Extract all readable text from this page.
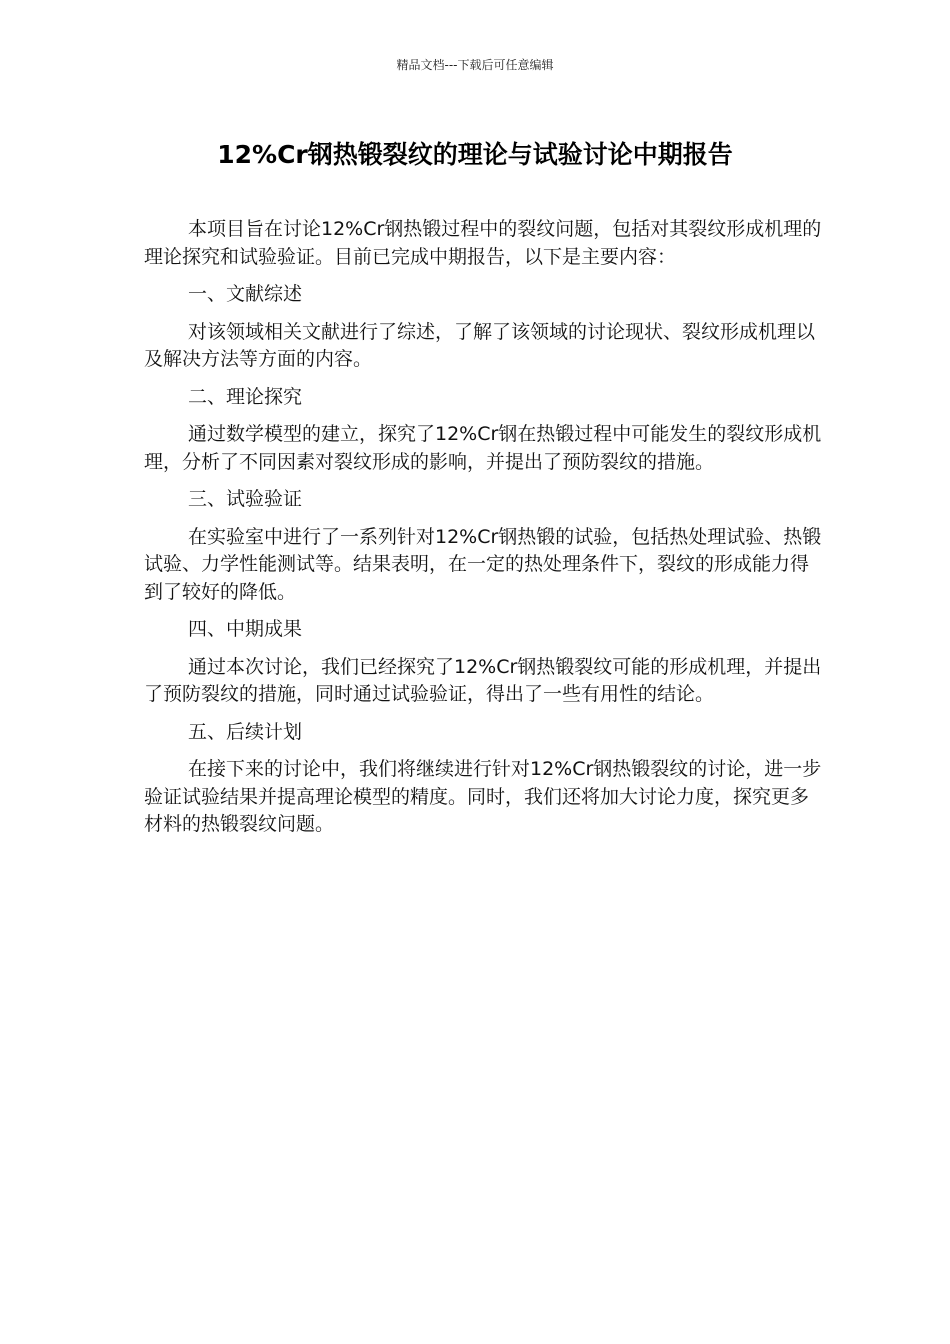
精品文档---下载后可任意编辑
12%Cr钢热锻裂纹的理论与试验讨论中期报告

本项目旨在讨论12%Cr钢热锻过程中的裂纹问题，包括对其裂纹形成机理的理论探究和试验验证。目前已完成中期报告，以下是主要内容：

一、文献综述

对该领域相关文献进行了综述，了解了该领域的讨论现状、裂纹形成机理以及解决方法等方面的内容。

二、理论探究

通过数学模型的建立，探究了12%Cr钢在热锻过程中可能发生的裂纹形成机理，分析了不同因素对裂纹形成的影响，并提出了预防裂纹的措施。

三、试验验证

在实验室中进行了一系列针对12%Cr钢热锻的试验，包括热处理试验、热锻试验、力学性能测试等。结果表明，在一定的热处理条件下，裂纹的形成能力得到了较好的降低。

四、中期成果

通过本次讨论，我们已经探究了12%Cr钢热锻裂纹可能的形成机理，并提出了预防裂纹的措施，同时通过试验验证，得出了一些有用性的结论。

五、后续计划

在接下来的讨论中，我们将继续进行针对12%Cr钢热锻裂纹的讨论，进一步验证试验结果并提高理论模型的精度。同时，我们还将加大讨论力度，探究更多材料的热锻裂纹问题。
